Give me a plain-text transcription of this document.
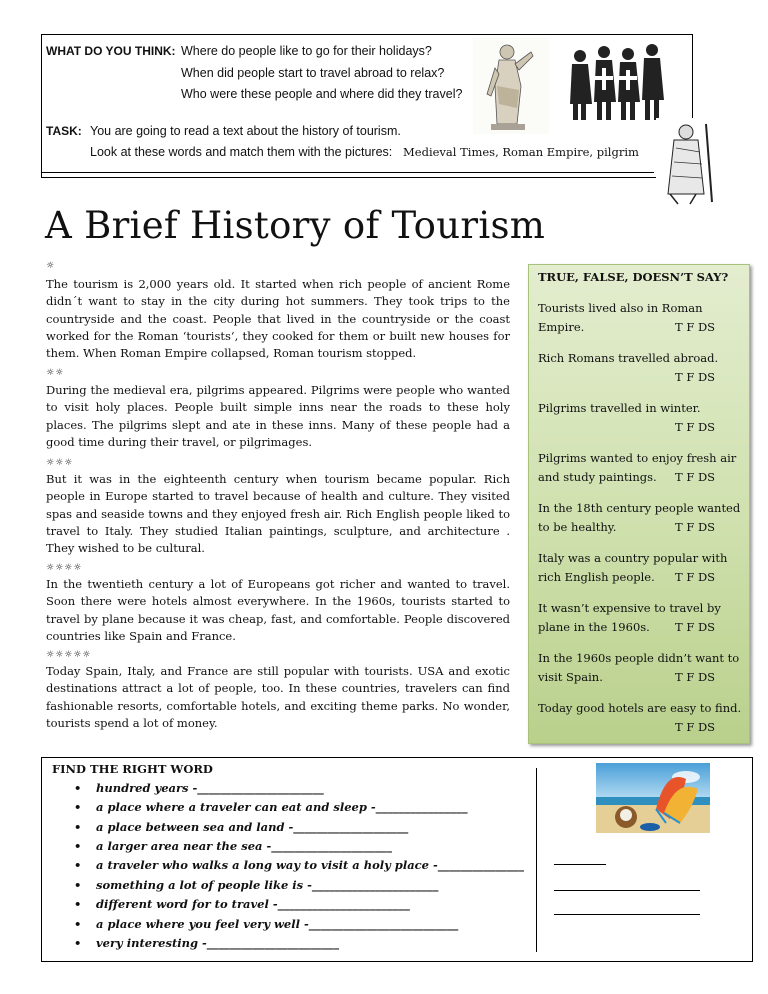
WHAT DO YOU THINK: Where do people like to go for their holidays?
When did people start to travel abroad to relax?
Who were these people and where did they travel?
TASK: You are going to read a text about the history of tourism.
Look at these words and match them with the pictures: Medieval Times, Roman Empire, pilgrim
A Brief History of Tourism
☼
The tourism is 2,000 years old. It started when rich people of ancient Rome didn´t want to stay in the city during hot summers. They took trips to the countryside and the coast. People that lived in the countryside or the coast worked for the Roman ‘tourists‘, they cooked for them or built new houses for them. When Roman Empire collapsed, Roman tourism stopped.
☼☼
During the medieval era, pilgrims appeared. Pilgrims were people who wanted to visit holy places. People built simple inns near the roads to these holy places. The pilgrims slept and ate in these inns. Many of these people had a good time during their travel, or pilgrimages.
☼☼☼
But it was in the eighteenth century when tourism became popular. Rich people in Europe started to travel because of health and culture. They visited spas and seaside towns and they enjoyed fresh air. Rich English people liked to travel to Italy. They studied Italian paintings, sculpture, and architecture . They wished to be cultural.
☼☼☼☼
In the twentieth century a lot of Europeans got richer and wanted to travel. Soon there were hotels almost everywhere. In the 1960s, tourists started to travel by plane because it was cheap, fast, and comfortable. People discovered countries like Spain and France.
☼☼☼☼☼
Today Spain, Italy, and France are still popular with tourists. USA and exotic destinations attract a lot of people, too. In these countries, travelers can find fashionable resorts, comfortable hotels, and exciting theme parks. No wonder, tourists spend a lot of money.
TRUE, FALSE, DOESN’T SAY?
Tourists lived also in Roman
Empire.	T F DS
Rich Romans travelled abroad.
T F DS
Pilgrims travelled in winter.
T F DS
Pilgrims wanted to enjoy fresh air
and study paintings.	T F DS
In the 18th century people wanted
to be healthy.	T F DS
Italy was a country popular with
rich English people.	T F DS
It wasn’t expensive to travel by
plane in the 1960s.	T F DS
In the 1960s people didn’t want to
visit Spain.	T F DS
Today good hotels are easy to find.
T F DS
FIND THE RIGHT WORD
• hundred years -______________________
• a place where a traveler can eat and sleep -________________
• a place between sea and land -____________________
• a larger area near the sea -_____________________
• a traveler who walks a long way to visit a holy place -_______________
• something a lot of people like is -______________________
• different word for to travel -_______________________
• a place where you feel very well -__________________________
• very interesting -_______________________
